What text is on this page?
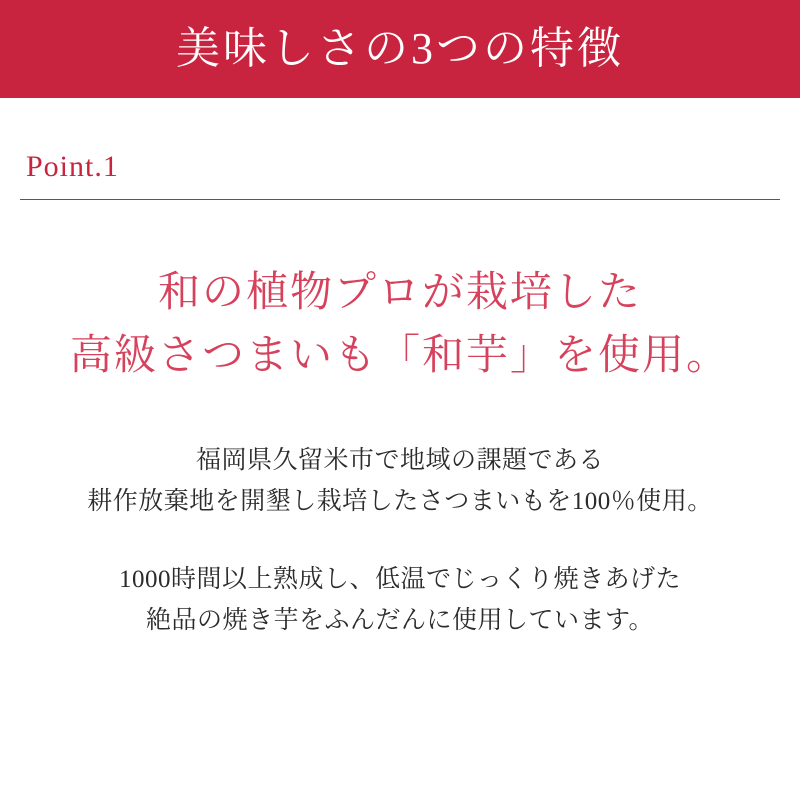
美味しさの3つの特徴
Point.1
和の植物プロが栽培した
高級さつまいも「和芋」を使用。
福岡県久留米市で地域の課題である
耕作放棄地を開墾し栽培したさつまいもを100％使用。
1000時間以上熟成し、低温でじっくり焼きあげた
絶品の焼き芋をふんだんに使用しています。
